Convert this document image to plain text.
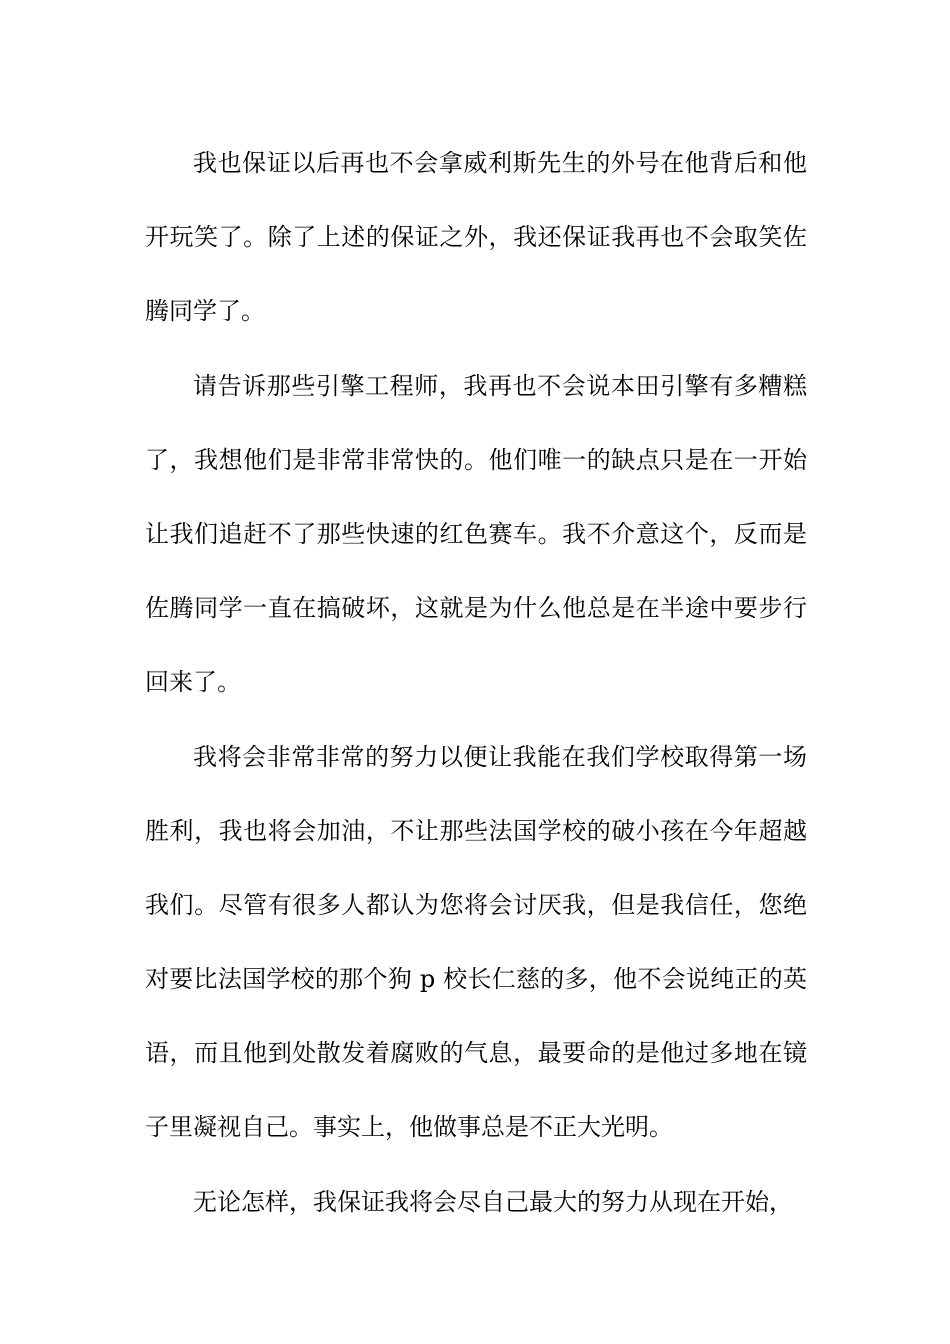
我也保证以后再也不会拿威利斯先生的外号在他背后和他
开玩笑了。除了上述的保证之外，我还保证我再也不会取笑佐
腾同学了。
请告诉那些引擎工程师，我再也不会说本田引擎有多糟糕
了，我想他们是非常非常快的。他们唯一的缺点只是在一开始
让我们追赶不了那些快速的红色赛车。我不介意这个，反而是
佐腾同学一直在搞破坏，这就是为什么他总是在半途中要步行
回来了。
我将会非常非常的努力以便让我能在我们学校取得第一场
胜利，我也将会加油，不让那些法国学校的破小孩在今年超越
我们。尽管有很多人都认为您将会讨厌我，但是我信任，您绝
对要比法国学校的那个狗 p 校长仁慈的多，他不会说纯正的英
语，而且他到处散发着腐败的气息，最要命的是他过多地在镜
子里凝视自己。事实上，他做事总是不正大光明。
无论怎样，我保证我将会尽自己最大的努力从现在开始，
